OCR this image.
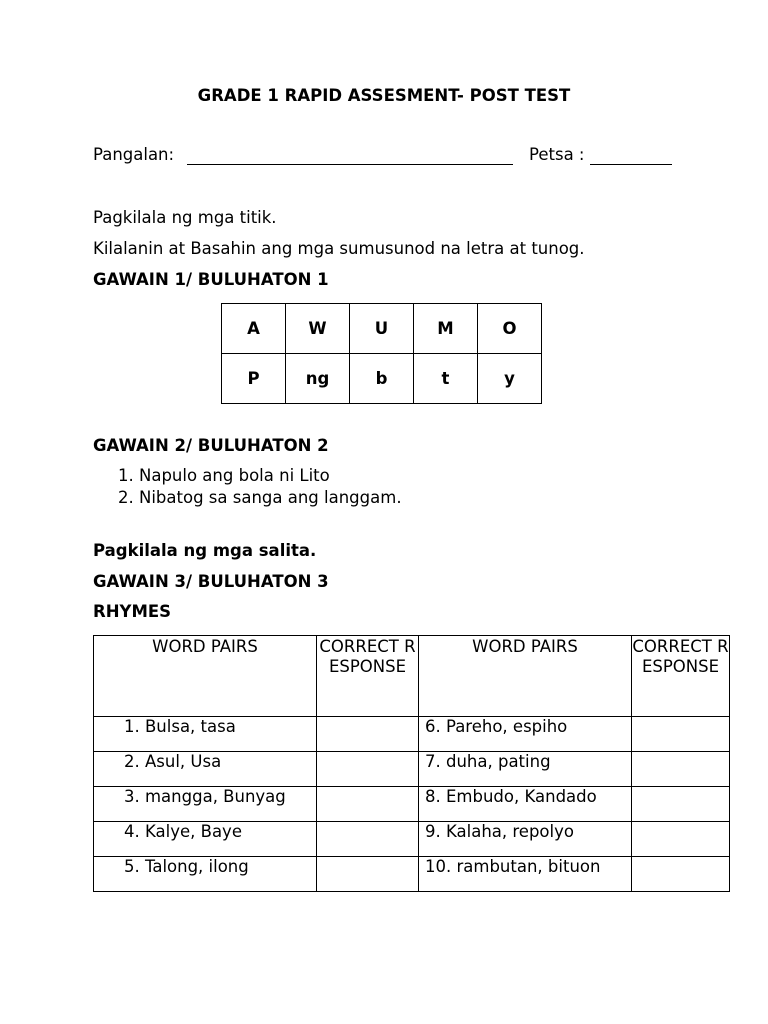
GRADE 1 RAPID ASSESMENT- POST TEST
Pangalan:	Petsa :
Pagkilala ng mga titik.
Kilalanin at Basahin ang mga sumusunod na letra at tunog.
GAWAIN 1/ BULUHATON 1
A	W	U	M	O
P	ng	b	t	y
GAWAIN 2/ BULUHATON 2
1. Napulo ang bola ni Lito
2. Nibatog sa sanga ang langgam.
Pagkilala ng mga salita.
GAWAIN 3/ BULUHATON 3
RHYMES
WORD PAIRS	CORRECT RESPONSE	WORD PAIRS	CORRECT RESPONSE
1. Bulsa, tasa		6. Pareho, espiho	
2. Asul, Usa		7. duha, pating	
3. mangga, Bunyag		8. Embudo, Kandado	
4. Kalye, Baye		9. Kalaha, repolyo	
5. Talong, ilong		10. rambutan, bituon	
